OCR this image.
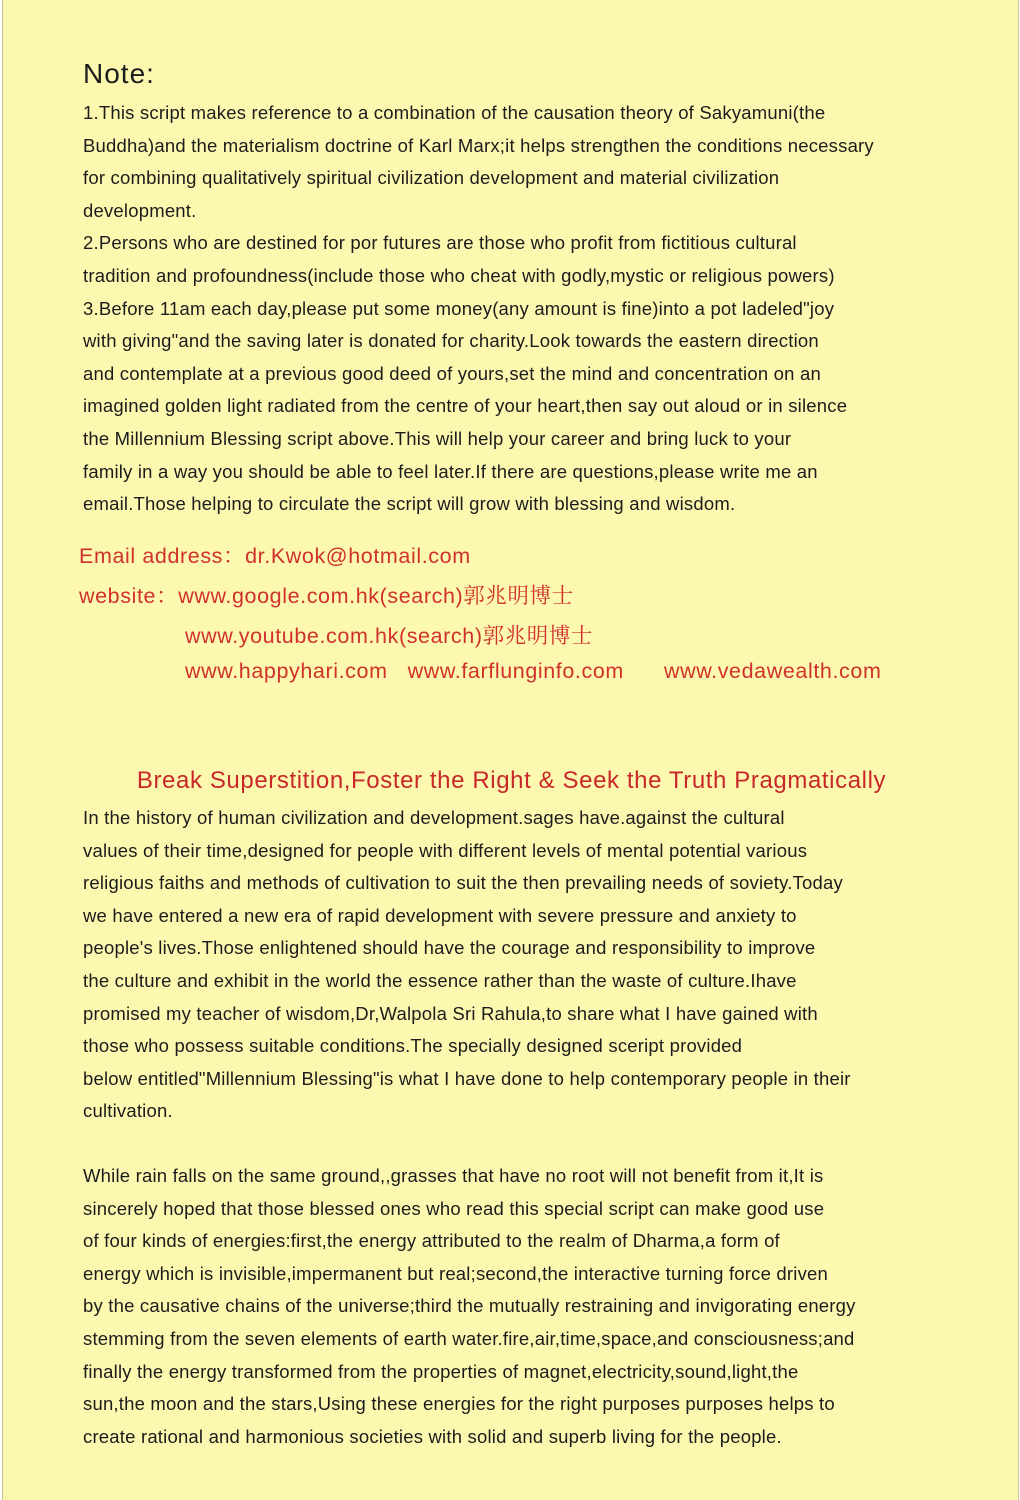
Note:
1.This script makes reference to a combination of the causation theory of Sakyamuni(the
Buddha)and the materialism doctrine of Karl Marx;it helps strengthen the conditions necessary
for combining qualitatively spiritual civilization development and material civilization
development.
2.Persons who are destined for por futures are those who profit from fictitious cultural
tradition and profoundness(include those who cheat with godly,mystic or religious powers)
3.Before 11am each day,please put some money(any amount is fine)into a pot ladeled"joy
with giving"and the saving later is donated for charity.Look towards the eastern direction
and contemplate at a previous good deed of yours,set the mind and concentration on an
imagined golden light radiated from the centre of your heart,then say out aloud or in silence
the Millennium Blessing script above.This will help your career and bring luck to your
family in a way you should be able to feel later.If there are questions,please write me an
email.Those helping to circulate the script will grow with blessing and wisdom.
Email address：dr.Kwok@hotmail.com
website：www.google.com.hk(search)郭兆明博士
www.youtube.com.hk(search)郭兆明博士
www.happyhari.com www.farflunginfo.com www.vedawealth.com
Break Superstition,Foster the Right & Seek the Truth Pragmatically
In the history of human civilization and development.sages have.against the cultural
values of their time,designed for people with different levels of mental potential various
religious faiths and methods of cultivation to suit the then prevailing needs of soviety.Today
we have entered a new era of rapid development with severe pressure and anxiety to
people's lives.Those enlightened should have the courage and responsibility to improve
the culture and exhibit in the world the essence rather than the waste of culture.Ihave
promised my teacher of wisdom,Dr,Walpola Sri Rahula,to share what I have gained with
those who possess suitable conditions.The specially designed sceript provided
below entitled"Millennium Blessing"is what I have done to help contemporary people in their
cultivation.
While rain falls on the same ground,,grasses that have no root will not benefit from it,It is
sincerely hoped that those blessed ones who read this special script can make good use
of four kinds of energies:first,the energy attributed to the realm of Dharma,a form of
energy which is invisible,impermanent but real;second,the interactive turning force driven
by the causative chains of the universe;third the mutually restraining and invigorating energy
stemming from the seven elements of earth water.fire,air,time,space,and consciousness;and
finally the energy transformed from the properties of magnet,electricity,sound,light,the
sun,the moon and the stars,Using these energies for the right purposes purposes helps to
create rational and harmonious societies with solid and superb living for the people.
